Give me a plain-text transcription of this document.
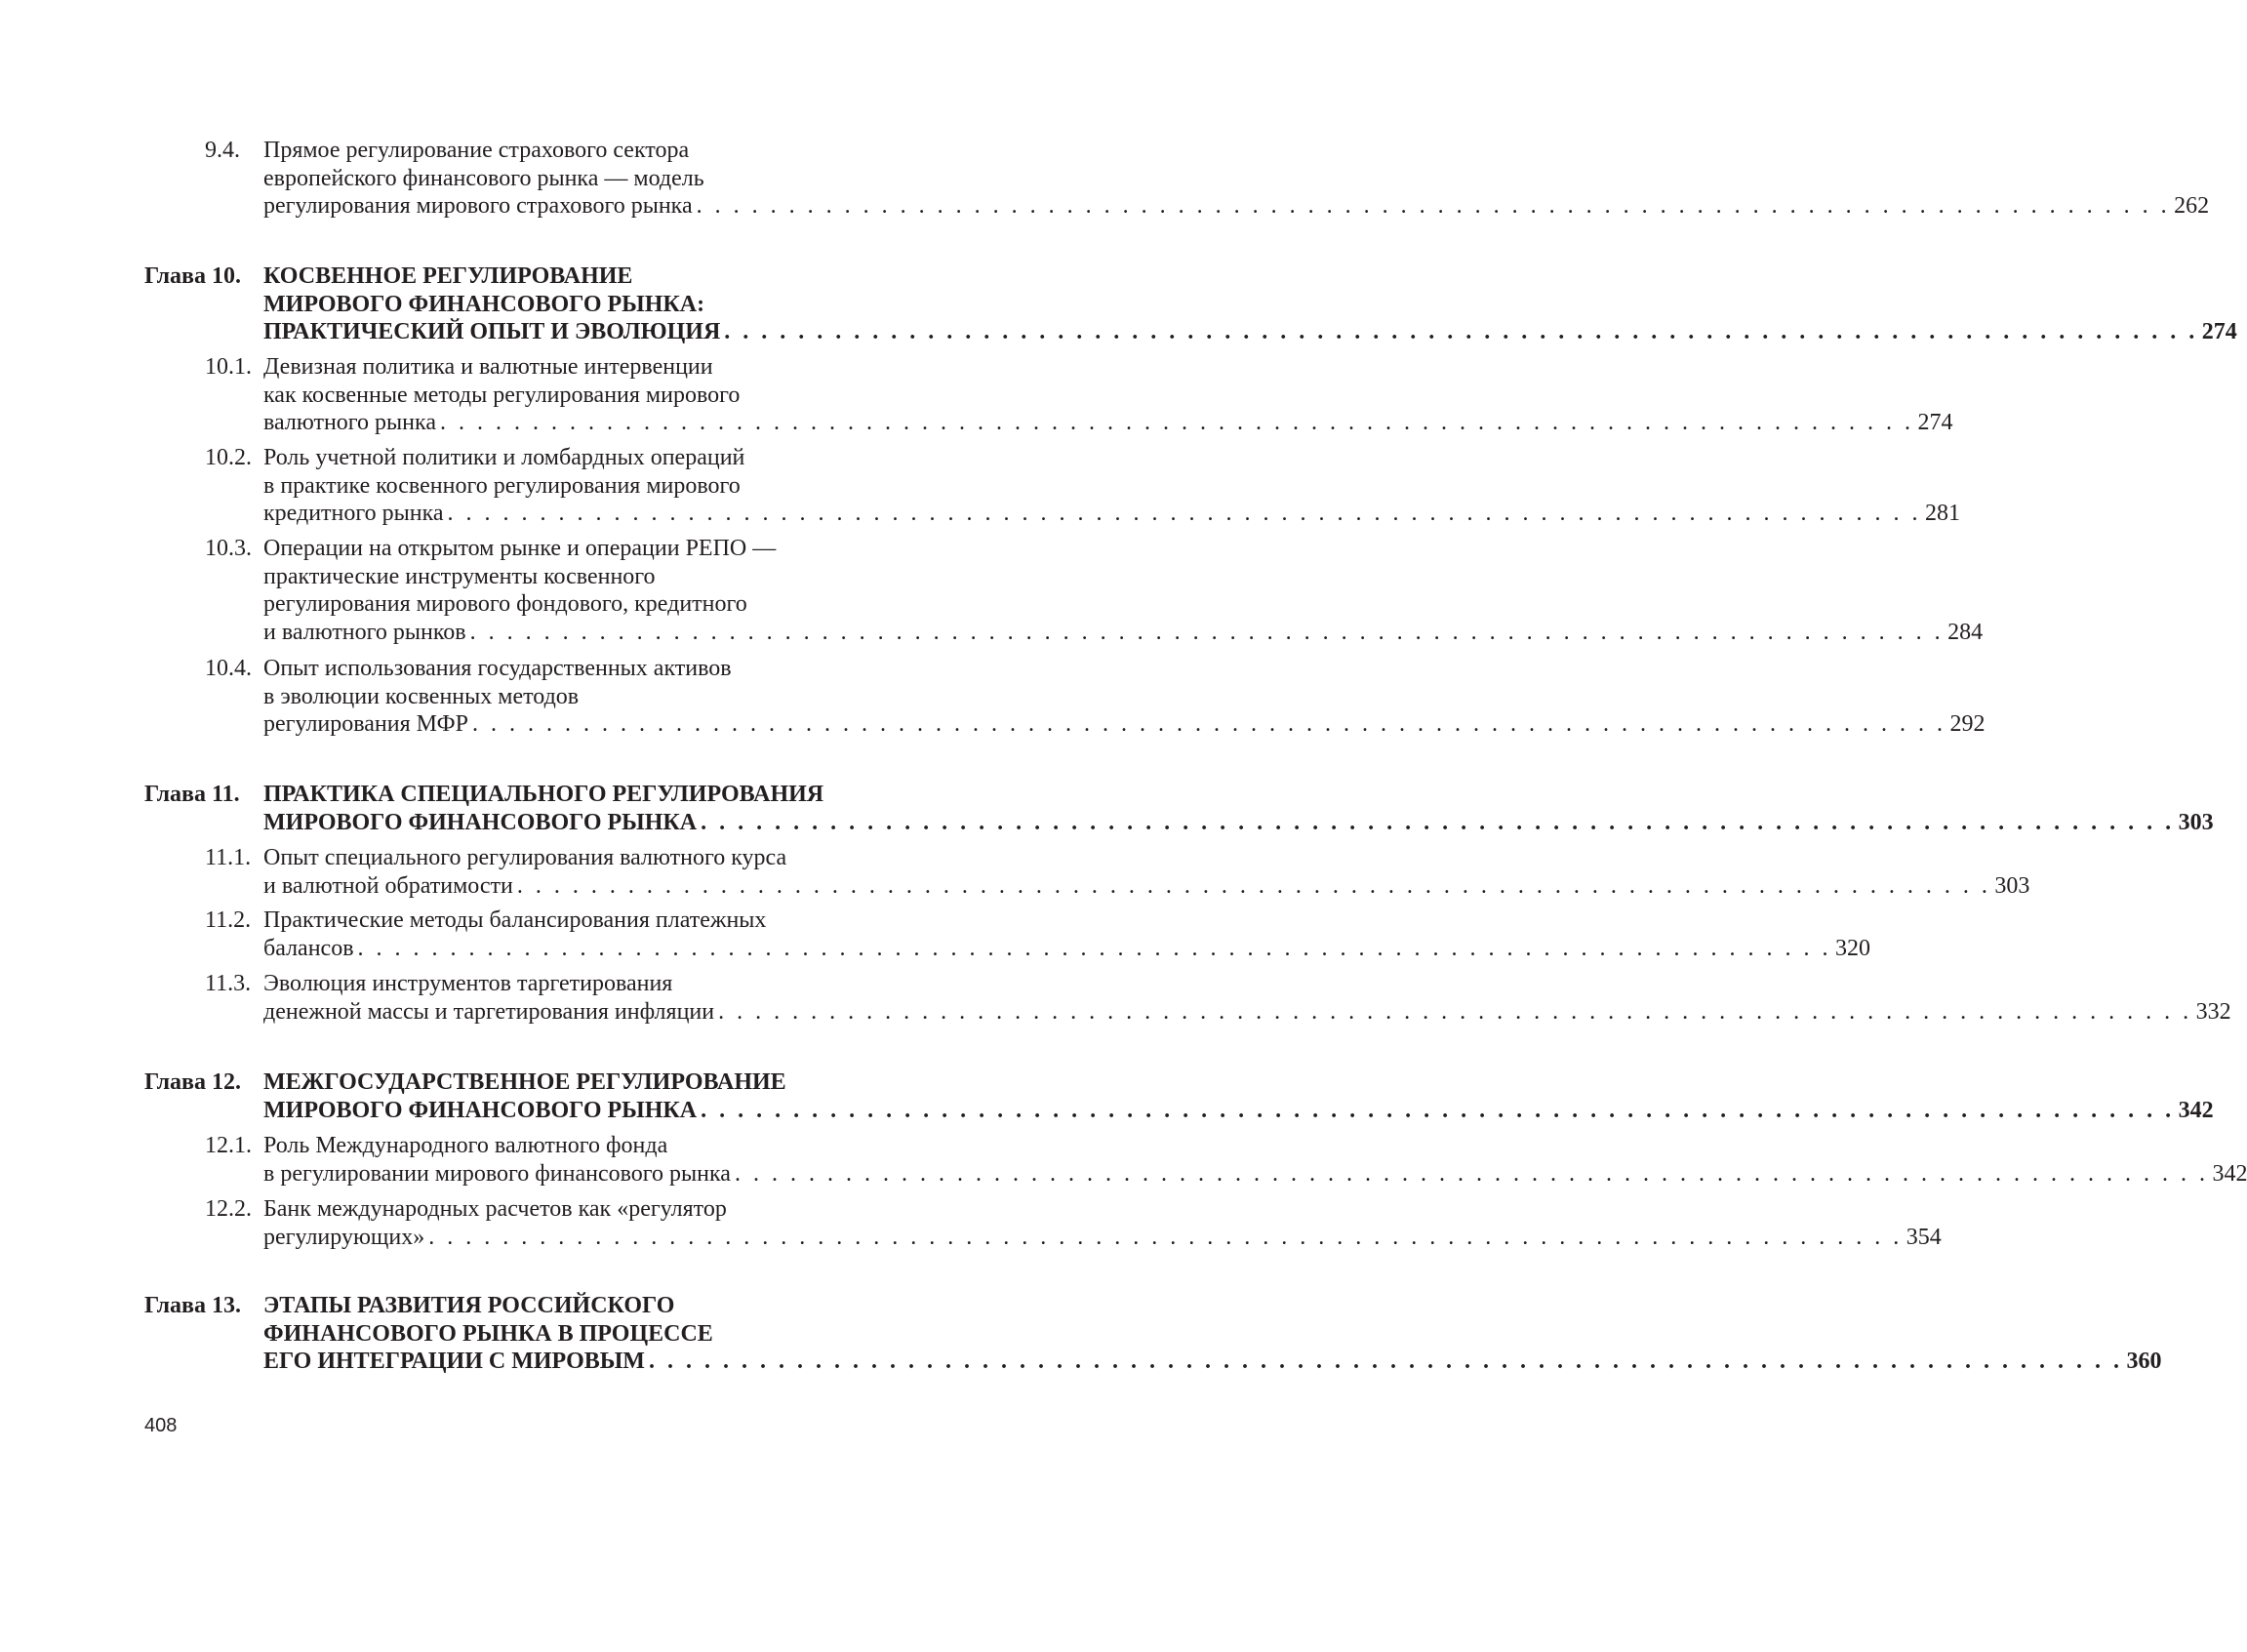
9.4. Прямое регулирование страхового сектора
европейского финансового рынка — модель
регулирования мирового страхового рынка . . . . . . . . . . . . . . . . . . . . . . . . . . . . . . . . . . . . . . . . . . . . . . . . . . . . . . . . . . . . . . . . . . . . . . . . . . . . . . . . 262
Глава 10. КОСВЕННОЕ РЕГУЛИРОВАНИЕ
МИРОВОГО ФИНАНСОВОГО РЫНКА:
ПРАКТИЧЕСКИЙ ОПЫТ И ЭВОЛЮЦИЯ . . . . . . . . . . . . . . . . . . . . . . . . . . . . . . . . . . . . . . . . . . . . . . . . . . . . . . . . . . . . . . . . . . . . . . . . . . . . . . . . 274
10.1. Девизная политика и валютные интервенции
как косвенные методы регулирования мирового
валютного рынка . . . . . . . . . . . . . . . . . . . . . . . . . . . . . . . . . . . . . . . . . . . . . . . . . . . . . . . . . . . . . . . . . . . . . . . . . . . . . . . . 274
10.2. Роль учетной политики и ломбардных операций
в практике косвенного регулирования мирового
кредитного рынка . . . . . . . . . . . . . . . . . . . . . . . . . . . . . . . . . . . . . . . . . . . . . . . . . . . . . . . . . . . . . . . . . . . . . . . . . . . . . . . . 281
10.3. Операции на открытом рынке и операции РЕПО —
практические инструменты косвенного
регулирования мирового фондового, кредитного
и валютного рынков . . . . . . . . . . . . . . . . . . . . . . . . . . . . . . . . . . . . . . . . . . . . . . . . . . . . . . . . . . . . . . . . . . . . . . . . . . . . . . . . 284
10.4. Опыт использования государственных активов
в эволюции косвенных методов
регулирования МФР . . . . . . . . . . . . . . . . . . . . . . . . . . . . . . . . . . . . . . . . . . . . . . . . . . . . . . . . . . . . . . . . . . . . . . . . . . . . . . . . 292
Глава 11. ПРАКТИКА СПЕЦИАЛЬНОГО РЕГУЛИРОВАНИЯ
МИРОВОГО ФИНАНСОВОГО РЫНКА . . . . . . . . . . . . . . . . . . . . . . . . . . . . . . . . . . . . . . . . . . . . . . . . . . . . . . . . . . . . . . . . . . . . . . . . . . . . . . . . 303
11.1. Опыт специального регулирования валютного курса
и валютной обратимости . . . . . . . . . . . . . . . . . . . . . . . . . . . . . . . . . . . . . . . . . . . . . . . . . . . . . . . . . . . . . . . . . . . . . . . . . . . . . . . . 303
11.2. Практические методы балансирования платежных
балансов . . . . . . . . . . . . . . . . . . . . . . . . . . . . . . . . . . . . . . . . . . . . . . . . . . . . . . . . . . . . . . . . . . . . . . . . . . . . . . . . 320
11.3. Эволюция инструментов таргетирования
денежной массы и таргетирования инфляции . . . . . . . . . . . . . . . . . . . . . . . . . . . . . . . . . . . . . . . . . . . . . . . . . . . . . . . . . . . . . . . . . . . . . . . . . . . . . . . . 332
Глава 12. МЕЖГОСУДАРСТВЕННОЕ РЕГУЛИРОВАНИЕ
МИРОВОГО ФИНАНСОВОГО РЫНКА . . . . . . . . . . . . . . . . . . . . . . . . . . . . . . . . . . . . . . . . . . . . . . . . . . . . . . . . . . . . . . . . . . . . . . . . . . . . . . . . 342
12.1. Роль Международного валютного фонда
в регулировании мирового финансового рынка . . . . . . . . . . . . . . . . . . . . . . . . . . . . . . . . . . . . . . . . . . . . . . . . . . . . . . . . . . . . . . . . . . . . . . . . . . . . . . . . 342
12.2. Банк международных расчетов как «регулятор
регулирующих» . . . . . . . . . . . . . . . . . . . . . . . . . . . . . . . . . . . . . . . . . . . . . . . . . . . . . . . . . . . . . . . . . . . . . . . . . . . . . . . . 354
Глава 13. ЭТАПЫ РАЗВИТИЯ РОССИЙСКОГО
ФИНАНСОВОГО РЫНКА В ПРОЦЕССЕ
ЕГО ИНТЕГРАЦИИ С МИРОВЫМ . . . . . . . . . . . . . . . . . . . . . . . . . . . . . . . . . . . . . . . . . . . . . . . . . . . . . . . . . . . . . . . . . . . . . . . . . . . . . . . . 360
408
